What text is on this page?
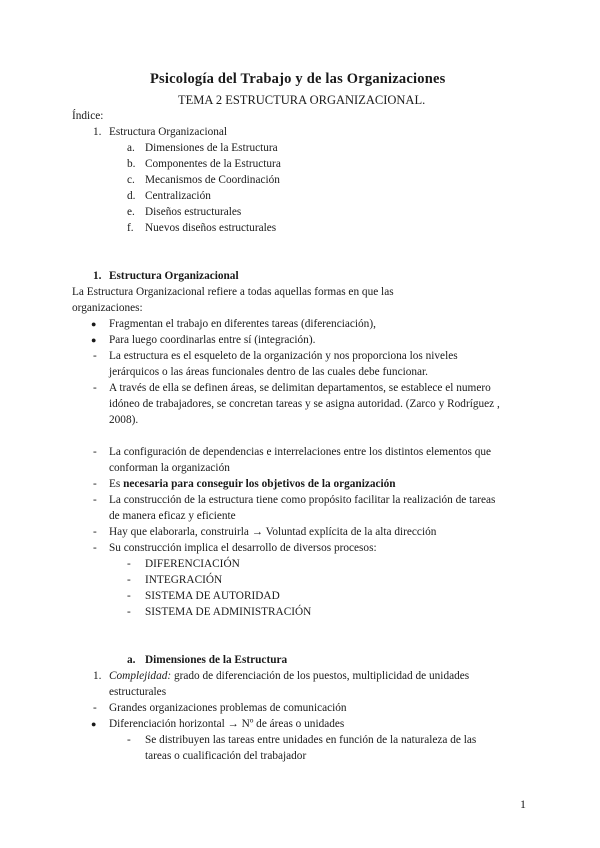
Psicología del Trabajo y de las Organizaciones
TEMA 2 ESTRUCTURA ORGANIZACIONAL.
Índice:
1. Estructura Organizacional
a. Dimensiones de la Estructura
b. Componentes de la Estructura
c. Mecanismos de Coordinación
d. Centralización
e. Diseños estructurales
f. Nuevos diseños estructurales
1. Estructura Organizacional
La Estructura Organizacional refiere a todas aquellas formas en que las
organizaciones:
● Fragmentan el trabajo en diferentes tareas (diferenciación),
● Para luego coordinarlas entre sí (integración).
- La estructura es el esqueleto de la organización y nos proporciona los niveles
jerárquicos o las áreas funcionales dentro de las cuales debe funcionar.
- A través de ella se definen áreas, se delimitan departamentos, se establece el numero
idóneo de trabajadores, se concretan tareas y se asigna autoridad. (Zarco y Rodríguez ,
2008).
- La configuración de dependencias e interrelaciones entre los distintos elementos que
conforman la organización
- Es necesaria para conseguir los objetivos de la organización
- La construcción de la estructura tiene como propósito facilitar la realización de tareas
de manera eficaz y eficiente
- Hay que elaborarla, construirla → Voluntad explícita de la alta dirección
- Su construcción implica el desarrollo de diversos procesos:
- DIFERENCIACIÓN
- INTEGRACIÓN
- SISTEMA DE AUTORIDAD
- SISTEMA DE ADMINISTRACIÓN
a. Dimensiones de la Estructura
1. Complejidad: grado de diferenciación de los puestos, multiplicidad de unidades
estructurales
- Grandes organizaciones problemas de comunicación
● Diferenciación horizontal → Nº de áreas o unidades
- Se distribuyen las tareas entre unidades en función de la naturaleza de las
tareas o cualificación del trabajador
1
